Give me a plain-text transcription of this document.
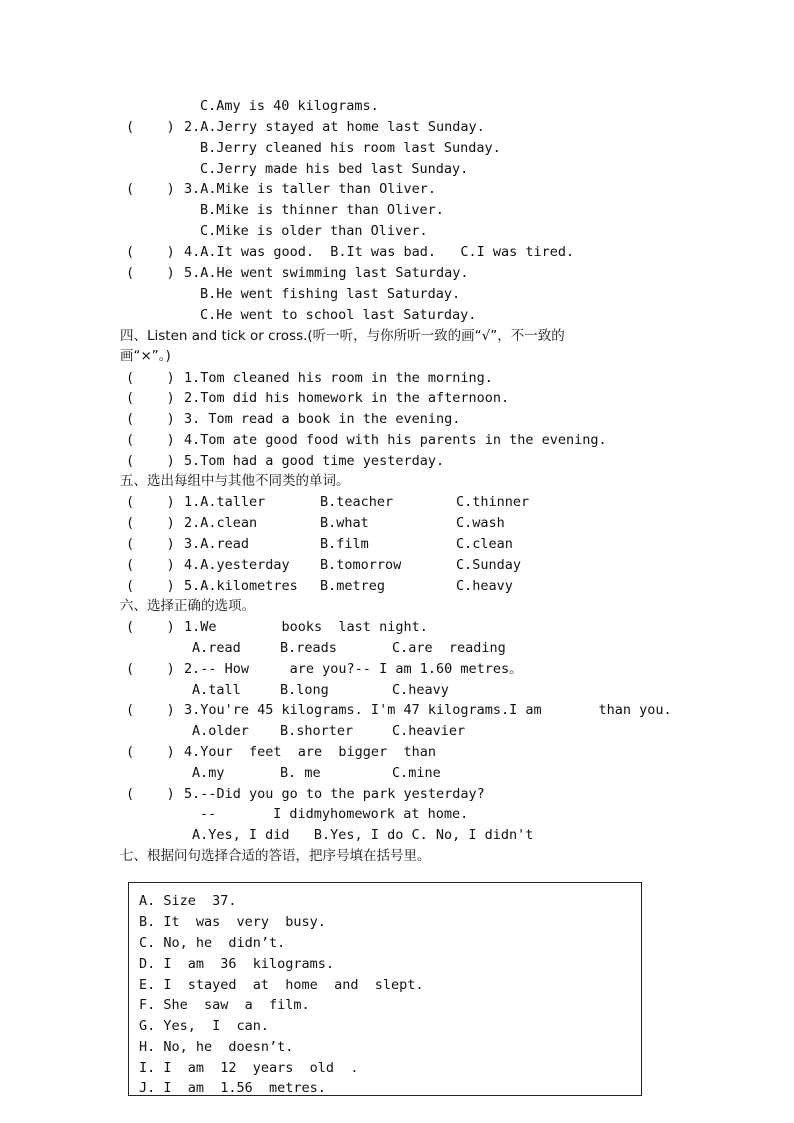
C.Amy is 40 kilograms.
(    ) 2.A.Jerry stayed at home last Sunday.
B.Jerry cleaned his room last Sunday.
C.Jerry made his bed last Sunday.
(    ) 3.A.Mike is taller than Oliver.
B.Mike is thinner than Oliver.
C.Mike is older than Oliver.
(    ) 4.A.It was good.  B.It was bad.   C.I was tired.
(    ) 5.A.He went swimming last Saturday.
B.He went fishing last Saturday.
C.He went to school last Saturday.
四、Listen and tick or cross.(听一听，与你所听一致的画“√”，不一致的
画“×”。)
(    ) 1.Tom cleaned his room in the morning.
(    ) 2.Tom did his homework in the afternoon.
(    ) 3. Tom read a book in the evening.
(    ) 4.Tom ate good food with his parents in the evening.
(    ) 5.Tom had a good time yesterday.
五、选出每组中与其他不同类的单词。
(    ) 1.A.taller	B.teacher	C.thinner
(    ) 2.A.clean	B.what	C.wash
(    ) 3.A.read	B.film	C.clean
(    ) 4.A.yesterday B.tomorrow	C.Sunday
(    ) 5.A.kilometres B.metreg	C.heavy
六、选择正确的选项。
(    ) 1.We        books  last night.
A.read	B.reads	C.are  reading
(    ) 2.-- How     are you?-- I am 1.60 metres。
A.tall	B.long	C.heavy
(    ) 3.You're 45 kilograms. I'm 47 kilograms.I am       than you.
A.older B.shorter	C.heavier
(    ) 4.Your  feet  are  bigger  than
A.my	B. me	C.mine
(    ) 5.--Did you go to the park yesterday?
--       I didmyhomework at home.
A.Yes, I did   B.Yes, I do C. No, I didn't
七、根据问句选择合适的答语，把序号填在括号里。
A. Size  37.
B. It  was  very  busy.
C. No, he  didn’t.
D. I  am  36  kilograms.
E. I  stayed  at  home  and  slept.
F. She  saw  a  film.
G. Yes,  I  can.
H. No, he  doesn’t.
I. I  am  12  years  old  .
J. I  am  1.56  metres.
